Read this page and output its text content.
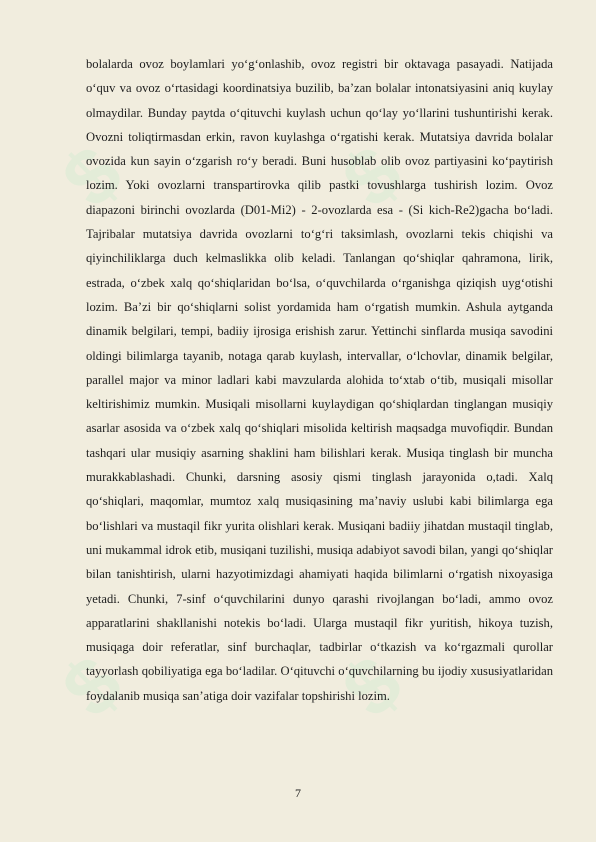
$ $
$ $

bolalarda ovoz boylamlari yo‘g‘onlashib, ovoz registri bir oktavaga pasayadi. Natijada o‘quv va ovoz o‘rtasidagi koordinatsiya buzilib, ba’zan bolalar intonatsiyasini aniq kuylay olmaydilar. Bunday paytda o‘qituvchi kuylash uchun qo‘lay yo‘llarini tushuntirishi kerak. Ovozni toliqtirmasdan erkin, ravon kuylashga o‘rgatishi kerak. Mutatsiya davrida bolalar ovozida kun sayin o‘zgarish ro‘y beradi. Buni husoblab olib ovoz partiyasini ko‘paytirish lozim. Yoki ovozlarni transpartirovka qilib pastki tovushlarga tushirish lozim. Ovoz diapazoni birinchi ovozlarda (D01-Mi2) - 2-ovozlarda esa - (Si kich-Re2)gacha bo‘ladi. Tajribalar mutatsiya davrida ovozlarni to‘g‘ri taksimlash, ovozlarni tekis chiqishi va qiyinchiliklarga duch kelmaslikka olib keladi. Tanlangan qo‘shiqlar qahramona, lirik, estrada, o‘zbek xalq qo‘shiqlaridan bo‘lsa, o‘quvchilarda o‘rganishga qiziqish uyg‘otishi lozim. Ba’zi bir qo‘shiqlarni solist yordamida ham o‘rgatish mumkin. Ashula aytganda dinamik belgilari, tempi, badiiy ijrosiga erishish zarur. Yettinchi sinflarda musiqa savodini oldingi bilimlarga tayanib, notaga qarab kuylash, intervallar, o‘lchovlar, dinamik belgilar, parallel major va minor ladlari kabi mavzularda alohida to‘xtab o‘tib, musiqali misollar keltirishimiz mumkin. Musiqali misollarni kuylaydigan qo‘shiqlardan tinglangan musiqiy asarlar asosida va o‘zbek xalq qo‘shiqlari misolida keltirish maqsadga muvofiqdir. Bundan tashqari ular musiqiy asarning shaklini ham bilishlari kerak. Musiqa tinglash bir muncha murakkablashadi. Chunki, darsning asosiy qismi tinglash jarayonida o,tadi. Xalq qo‘shiqlari, maqomlar, mumtoz xalq musiqasining ma’naviy uslubi kabi bilimlarga ega bo‘lishlari va mustaqil fikr yurita olishlari kerak. Musiqani badiiy jihatdan mustaqil tinglab, uni mukammal idrok etib, musiqani tuzilishi, musiqa adabiyot savodi bilan, yangi qo‘shiqlar bilan tanishtirish, ularni hazyotimizdagi ahamiyati haqida bilimlarni o‘rgatish nixoyasiga yetadi. Chunki, 7-sinf o‘quvchilarini dunyo qarashi rivojlangan bo‘ladi, ammo ovoz apparatlarini shakllanishi notekis bo‘ladi. Ularga mustaqil fikr yuritish, hikoya tuzish, musiqaga doir referatlar, sinf burchaqlar, tadbirlar o‘tkazish va ko‘rgazmali qurollar tayyorlash qobiliyatiga ega bo‘ladilar. O‘qituvchi o‘quvchilarning bu ijodiy xususiyatlaridan foydalanib musiqa san’atiga doir vazifalar topshirishi lozim.

7
